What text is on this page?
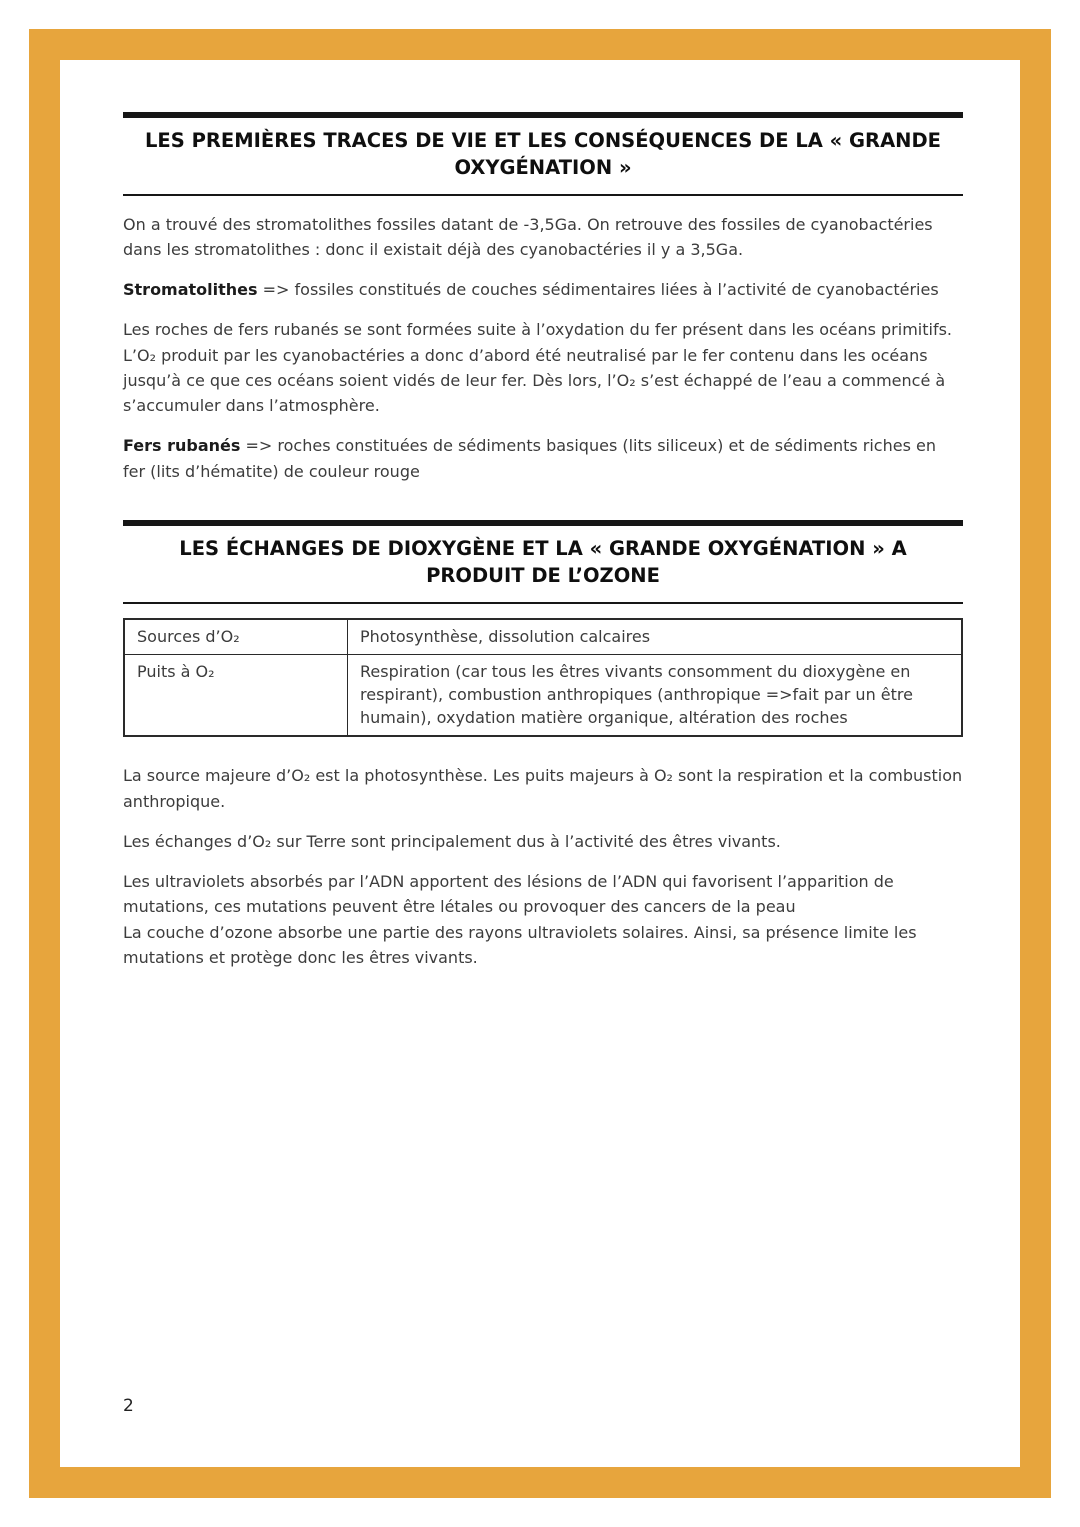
LES PREMIÈRES TRACES DE VIE ET LES CONSÉQUENCES DE LA « GRANDE OXYGÉNATION »

On a trouvé des stromatolithes fossiles datant de -3,5Ga. On retrouve des fossiles de cyanobactéries dans les stromatolithes : donc il existait déjà des cyanobactéries il y a 3,5Ga.

Stromatolithes => fossiles constitués de couches sédimentaires liées à l’activité de cyanobactéries

Les roches de fers rubanés se sont formées suite à l’oxydation du fer présent dans les océans primitifs. L’O₂ produit par les cyanobactéries a donc d’abord été neutralisé par le fer contenu dans les océans jusqu’à ce que ces océans soient vidés de leur fer. Dès lors, l’O₂ s’est échappé de l’eau a commencé à s’accumuler dans l’atmosphère.

Fers rubanés => roches constituées de sédiments basiques (lits siliceux) et de sédiments riches en fer (lits d’hématite) de couleur rouge

LES ÉCHANGES DE DIOXYGÈNE ET LA « GRANDE OXYGÉNATION » A PRODUIT DE L’OZONE
Sources d’O₂	Photosynthèse, dissolution calcaires
Puits à O₂	Respiration (car tous les êtres vivants consomment du dioxygène en respirant), combustion anthropiques (anthropique =>fait par un être humain), oxydation matière organique, altération des roches

La source majeure d’O₂ est la photosynthèse. Les puits majeurs à O₂ sont la respiration et la combustion anthropique.

Les échanges d’O₂ sur Terre sont principalement dus à l’activité des êtres vivants.

Les ultraviolets absorbés par l’ADN apportent des lésions de l’ADN qui favorisent l’apparition de mutations, ces mutations peuvent être létales ou provoquer des cancers de la peau
La couche d’ozone absorbe une partie des rayons ultraviolets solaires. Ainsi, sa présence limite les mutations et protège donc les êtres vivants.

2
